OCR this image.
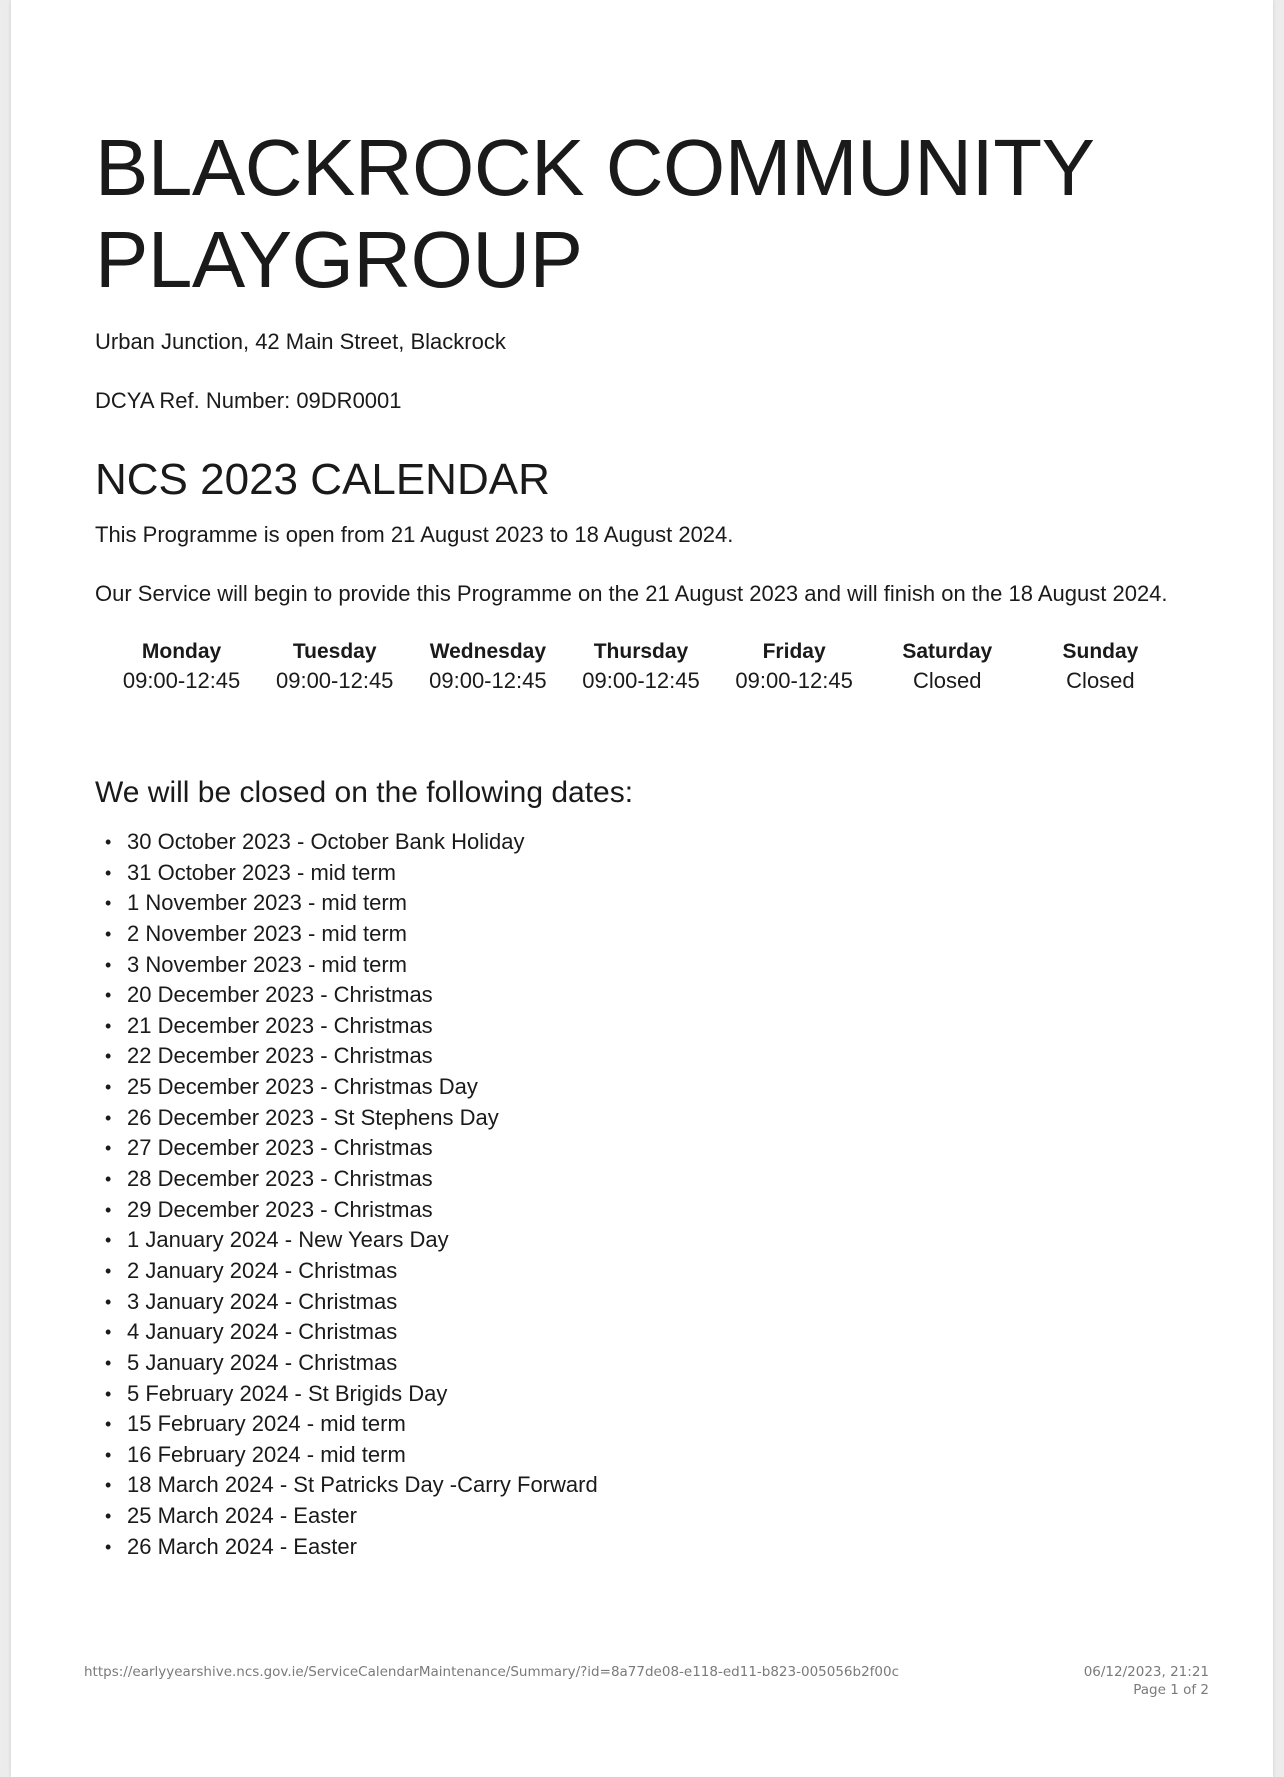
BLACKROCK COMMUNITY PLAYGROUP

Urban Junction, 42 Main Street, Blackrock

DCYA Ref. Number: 09DR0001

NCS 2023 CALENDAR

This Programme is open from 21 August 2023 to 18 August 2024.

Our Service will begin to provide this Programme on the 21 August 2023 and will finish on the 18 August 2024.

Monday
09:00-12:45
Tuesday
09:00-12:45
Wednesday
09:00-12:45
Thursday
09:00-12:45
Friday
09:00-12:45
Saturday
Closed
Sunday
Closed
We will be closed on the following dates:
• 30 October 2023 - October Bank Holiday
• 31 October 2023 - mid term
• 1 November 2023 - mid term
• 2 November 2023 - mid term
• 3 November 2023 - mid term
• 20 December 2023 - Christmas
• 21 December 2023 - Christmas
• 22 December 2023 - Christmas
• 25 December 2023 - Christmas Day
• 26 December 2023 - St Stephens Day
• 27 December 2023 - Christmas
• 28 December 2023 - Christmas
• 29 December 2023 - Christmas
• 1 January 2024 - New Years Day
• 2 January 2024 - Christmas
• 3 January 2024 - Christmas
• 4 January 2024 - Christmas
• 5 January 2024 - Christmas
• 5 February 2024 - St Brigids Day
• 15 February 2024 - mid term
• 16 February 2024 - mid term
• 18 March 2024 - St Patricks Day -Carry Forward
• 25 March 2024 - Easter
• 26 March 2024 - Easter
https://earlyyearshive.ncs.gov.ie/ServiceCalendarMaintenance/Summary/?id=8a77de08-e118-ed11-b823-005056b2f00c	06/12/2023, 21:21
Page 1 of 2
